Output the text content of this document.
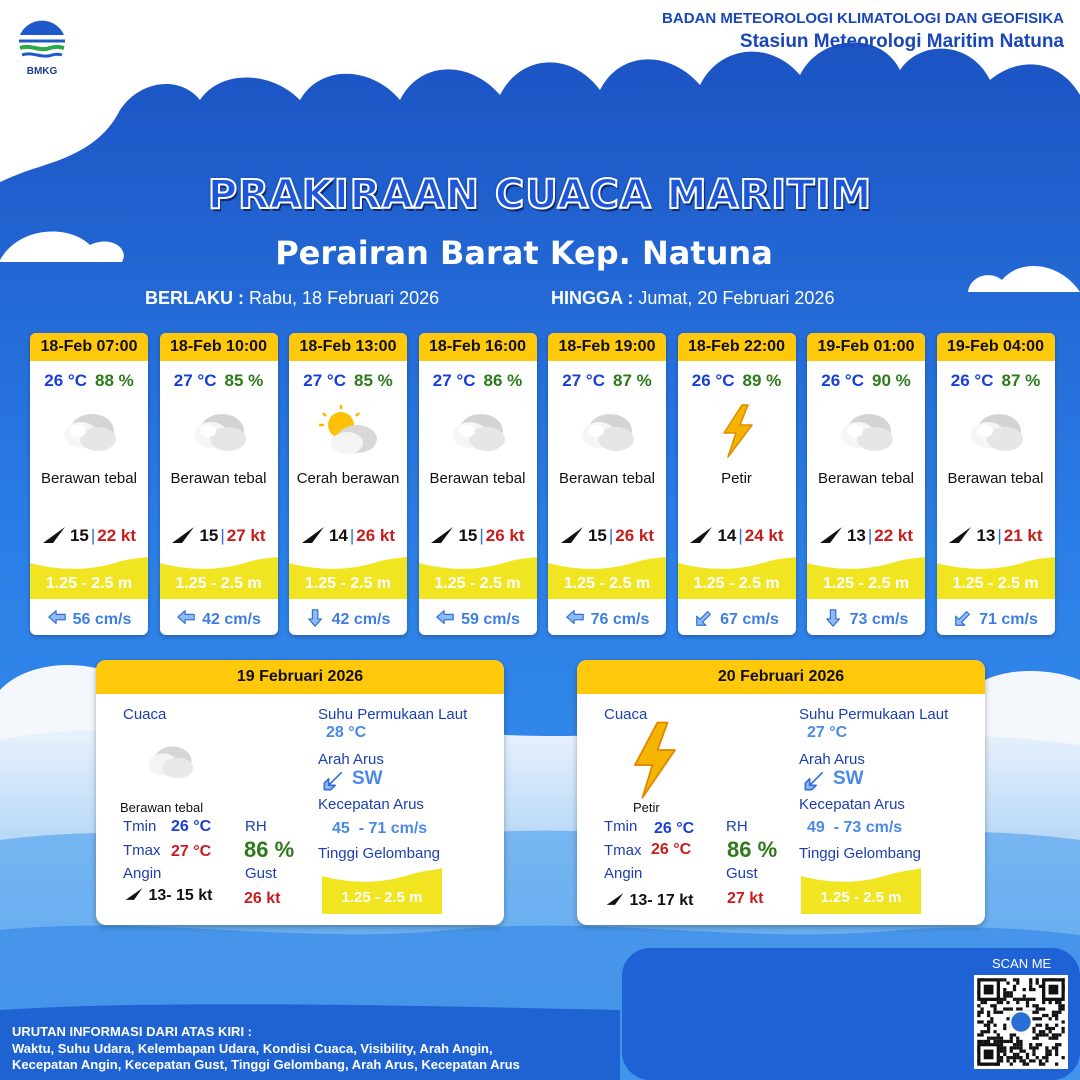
BMKG
BADAN METEOROLOGI KLIMATOLOGI DAN GEOFISIKA
Stasiun Meteorologi Maritim Natuna
PRAKIRAAN CUACA MARITIM
Perairan Barat Kep. Natuna
BERLAKU : Rabu, 18 Februari 2026	HINGGA : Jumat, 20 Februari 2026
18-Feb 07:00
26 °C 88 %
Berawan tebal
15 | 22 kt
1.25 - 2.5 m
56 cm/s
18-Feb 10:00
27 °C 85 %
Berawan tebal
15 | 27 kt
1.25 - 2.5 m
42 cm/s
18-Feb 13:00
27 °C 85 %
Cerah berawan
14 | 26 kt
1.25 - 2.5 m
42 cm/s
18-Feb 16:00
27 °C 86 %
Berawan tebal
15 | 26 kt
1.25 - 2.5 m
59 cm/s
18-Feb 19:00
27 °C 87 %
Berawan tebal
15 | 26 kt
1.25 - 2.5 m
76 cm/s
18-Feb 22:00
26 °C 89 %
Petir
14 | 24 kt
1.25 - 2.5 m
67 cm/s
19-Feb 01:00
26 °C 90 %
Berawan tebal
13 | 22 kt
1.25 - 2.5 m
73 cm/s
19-Feb 04:00
26 °C 87 %
Berawan tebal
13 | 21 kt
1.25 - 2.5 m
71 cm/s
19 Februari 2026
Cuaca
Berawan tebal
Tmin 26 °C
Tmax 27 °C
Angin
13- 15 kt
RH
86 %
Gust
26 kt
Suhu Permukaan Laut
28 °C
Arah Arus
SW
Kecepatan Arus
45  - 71 cm/s
Tinggi Gelombang
1.25 - 2.5 m
20 Februari 2026
Cuaca
Petir
Tmin 26 °C
Tmax 26 °C
Angin
13- 17 kt
RH
86 %
Gust
27 kt
Suhu Permukaan Laut
27 °C
Arah Arus
SW
Kecepatan Arus
49  - 73 cm/s
Tinggi Gelombang
1.25 - 2.5 m
SCAN ME
URUTAN INFORMASI DARI ATAS KIRI :
Waktu, Suhu Udara, Kelembapan Udara, Kondisi Cuaca, Visibility, Arah Angin,
Kecepatan Angin, Kecepatan Gust, Tinggi Gelombang, Arah Arus, Kecepatan Arus
